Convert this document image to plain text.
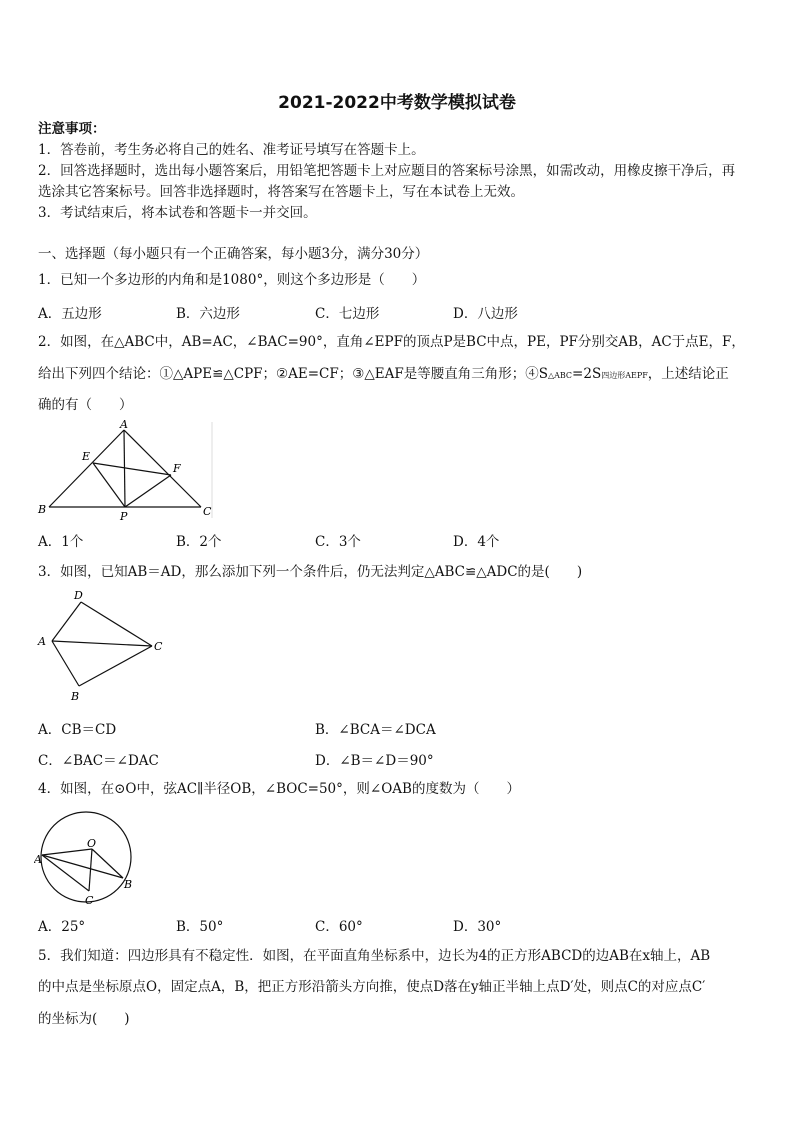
2021-2022中考数学模拟试卷
注意事项：
1．答卷前，考生务必将自己的姓名、准考证号填写在答题卡上。
2．回答选择题时，选出每小题答案后，用铅笔把答题卡上对应题目的答案标号涂黑，如需改动，用橡皮擦干净后，再
选涂其它答案标号。回答非选择题时，将答案写在答题卡上，写在本试卷上无效。
3．考试结束后，将本试卷和答题卡一并交回。
一、选择题（每小题只有一个正确答案，每小题3分，满分30分）
1．已知一个多边形的内角和是1080°，则这个多边形是（　　）
A．五边形	B．六边形	C．七边形	D．八边形
2．如图，在△ABC中，AB=AC，∠BAC=90°，直角∠EPF的顶点P是BC中点，PE，PF分别交AB，AC于点E，F，
给出下列四个结论：①△APE≌△CPF；②AE=CF；③△EAF是等腰直角三角形；④S△ABC=2S四边形AEPF，上述结论正
确的有（　　）
A
E
F
B
P	C
A．1个	B．2个	C．3个	D．4个
3．如图，已知AB＝AD，那么添加下列一个条件后，仍无法判定△ABC≌△ADC的是(　　)
D
A	C
B
A．CB＝CD	B．∠BCA＝∠DCA
C．∠BAC＝∠DAC	D．∠B＝∠D＝90°
4．如图，在⊙O中，弦AC∥半径OB，∠BOC=50°，则∠OAB的度数为（　　）
O
A
B
C
A．25°	B．50°	C．60°	D．30°
5．我们知道：四边形具有不稳定性．如图，在平面直角坐标系中，边长为4的正方形ABCD的边AB在x轴上，AB
的中点是坐标原点O，固定点A，B，把正方形沿箭头方向推，使点D落在y轴正半轴上点D′处，则点C的对应点C′
的坐标为(　　)
